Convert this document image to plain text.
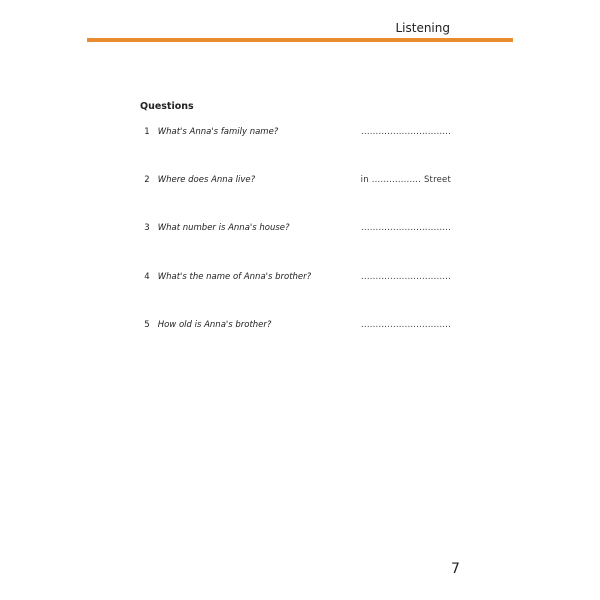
Listening
Questions
1 What's Anna's family name?	...............................
2 Where does Anna live?	in ................. Street
3 What number is Anna's house?	...............................
4 What's the name of Anna's brother?	...............................
5 How old is Anna's brother?	...............................
7
